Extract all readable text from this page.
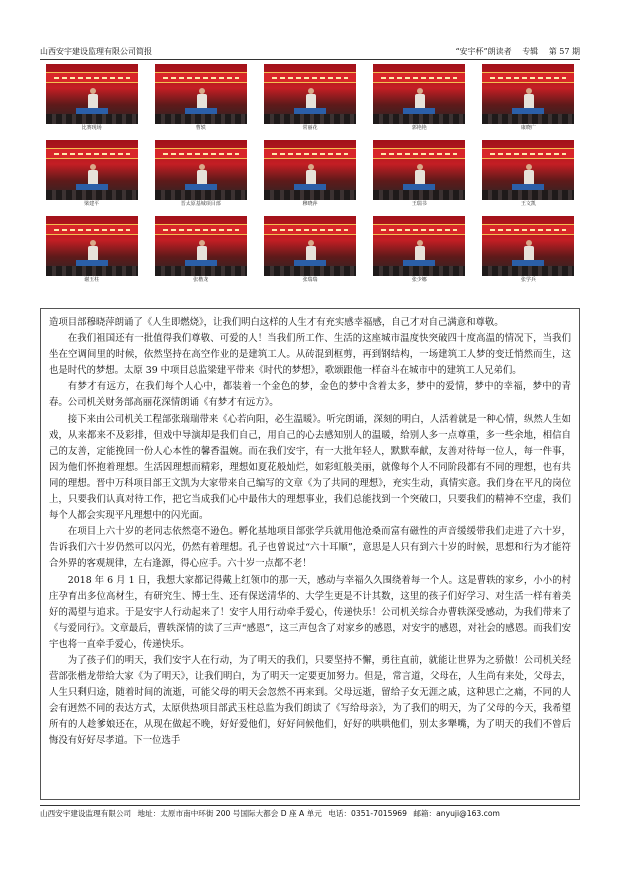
山西安宇建设监理有限公司简报	“安宇杯”朗读者 专辑 第 57 期
比赛现场	曹轶	常丽花	郭艳艳	康晓广
梁建平	晋太原基城项目部	穆晓萍	王瑞书	王文凯
谢玉柱	张楷龙	张瑞瑞	张少娜	张学兵

造项目部穆晓萍朗诵了《人生即燃烧》，让我们明白这样的人生才有充实感幸福感，自己才对自己满意和尊敬。

在我们祖国还有一批值得我们尊敬、可爱的人！当我们所工作、生活的这座城市温度快突破四十度高温的情况下，当我们坐在空调间里的时候，依然坚持在高空作业的是建筑工人。从砖混到框剪，再到钢结构，一场建筑工人梦的变迁悄然而生，这也是时代的梦想。太原 39 中项目总监梁建平带来《时代的梦想》，歌颂跟他一样奋斗在城市中的建筑工人兄弟们。

有梦才有远方，在我们每个人心中，都装着一个金色的梦，金色的梦中含着太多，梦中的爱情，梦中的幸福，梦中的青春。公司机关财务部高丽花深情朗诵《有梦才有远方》。

接下来由公司机关工程部张瑞瑞带来《心若向阳，必生温暖》。听完朗诵，深刻的明白，人活着就是一种心情，纵然人生如戏，从来都来不及彩排，但戏中导演却是我们自己，用自己的心去感知别人的温暖，给别人多一点尊重，多一些余地，相信自己的友善，定能挽回一份人心本性的馨香温婉。而在我们安宇，有一大批年轻人，默默奉献，友善对待每一位人，每一件事，因为他们怀抱着理想。生活因理想而精彩，理想如夏花般灿烂，如彩虹般美丽，就像每个人不同阶段都有不同的理想，也有共同的理想。晋中万科项目部王文凯为大家带来自己编写的文章《为了共同的理想》，充实生动，真情实意。我们身在平凡的岗位上，只要我们认真对待工作，把它当成我们心中最伟大的理想事业，我们总能找到一个突破口，只要我们的精神不空虚，我们每个人都会实现平凡理想中的闪光面。

在项目上六十岁的老同志依然毫不逊色。孵化基地项目部张学兵就用他沧桑而富有磁性的声音缓缓带我们走进了六十岁，告诉我们六十岁仍然可以闪光，仍然有着理想。孔子也曾说过“六十耳顺”，意思是人只有到六十岁的时候，思想和行为才能符合外界的客观规律，左右逢源，得心应手。六十岁一点都不老！

2018 年 6 月 1 日，我想大家都记得戴上红领巾的那一天，感动与幸福久久围绕着每一个人。这是曹轶的家乡，小小的村庄孕育出多位高材生，有研究生、博士生、还有保送清华的、大学生更是不计其数，这里的孩子们好学习、对生活一样有着美好的渴望与追求。于是安宇人行动起来了！安宇人用行动牵手爱心，传递快乐！公司机关综合办曹轶深受感动，为我们带来了《与爱同行》。文章最后，曹轶深情的读了三声“感恩”，这三声包含了对家乡的感恩，对安宇的感恩，对社会的感恩。而我们安宇也将一直牵手爱心，传递快乐。

为了孩子们的明天，我们安宇人在行动，为了明天的我们，只要坚持不懈，勇往直前，就能让世界为之骄傲！公司机关经营部张楷龙带给大家《为了明天》，让我们明白，为了明天一定要更加努力。但是，常言道，父母在，人生尚有来处，父母去，人生只剩归途，随着时间的流逝，可能父母的明天会忽然不再来到。父母远逝，留给子女无涯之戚，这种思亡之痛，不同的人会有迥然不同的表达方式，太原供热项目部武玉柱总监为我们朗读了《写给母亲》，为了我们的明天，为了父母的今天，我希望所有的人趁爹娘还在，从现在做起不晚，好好爱他们，好好问候他们，好好的哄哄他们，别太多犟嘴，为了明天的我们不曾后悔没有好好尽孝道。下一位选手

山西安宇建设监理有限公司 地址：太原市南中环街 200 号国际大都会 D 座 A 单元 电话：0351-7015969 邮箱：anyuji@163.com
